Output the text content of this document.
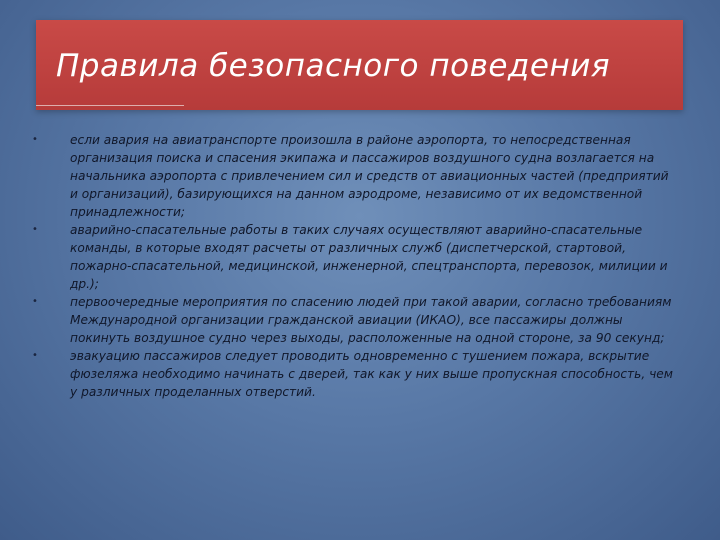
Правила безопасного поведения
•	если авария на авиатранспорте произошла в районе аэропорта, то непосредственная организация поиска и спасения экипажа и пассажиров воздушного судна возлагается на начальника аэропорта с привлечением сил и средств от авиационных частей (предприятий и организаций), базирующихся на данном аэродроме, независимо от их ведомственной принадлежности;
•	аварийно-спасательные работы в таких случаях осуществляют аварийно-спасательные команды, в которые входят расчеты от различных служб (диспетчерской, стартовой, пожарно-спасательной, медицинской, инженерной, спецтранспорта, перевозок, милиции и др.);
•	первоочередные мероприятия по спасению людей при такой аварии, согласно требованиям Международной организации гражданской авиации (ИКАО), все пассажиры должны покинуть воздушное судно через выходы, расположенные на одной стороне, за 90 секунд;
•	эвакуацию пассажиров следует проводить одновременно с тушением пожара, вскрытие фюзеляжа необходимо начинать с дверей, так как у них выше пропускная способность, чем у различных проделанных отверстий.
